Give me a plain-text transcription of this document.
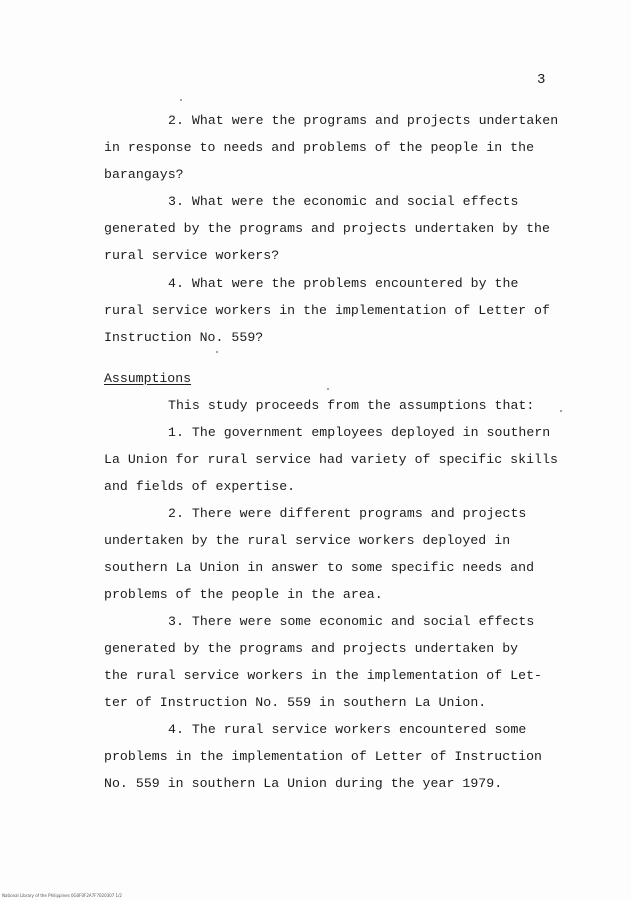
3
2. What were the programs and projects undertaken
in response to needs and problems of the people in the
barangays?
3. What were the economic and social effects
generated by the programs and projects undertaken by the
rural service workers?
4. What were the problems encountered by the
rural service workers in the implementation of Letter of
Instruction No. 559?
Assumptions
This study proceeds from the assumptions that:
1. The government employees deployed in southern
La Union for rural service had variety of specific skills
and fields of expertise.
2. There were different programs and projects
undertaken by the rural service workers deployed in
southern La Union in answer to some specific needs and
problems of the people in the area.
3. There were some economic and social effects
generated by the programs and projects undertaken by
the rural service workers in the implementation of Let-
ter of Instruction No. 559 in southern La Union.
4. The rural service workers encountered some
problems in the implementation of Letter of Instruction
No. 559 in southern La Union during the year 1979.
National Library of the Philippines 0G0F0F2A7F7020307 1/2
